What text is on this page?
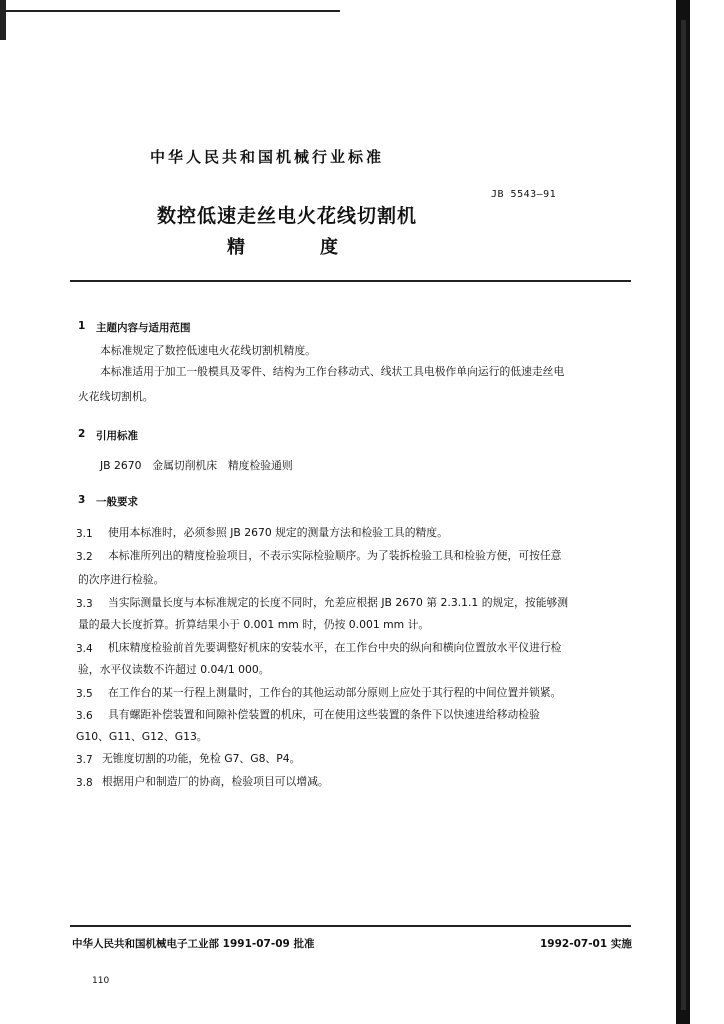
中华人民共和国机械行业标准
JB 5543—91
数控低速走丝电火花线切割机
精	度
1 主题内容与适用范围
本标准规定了数控低速电火花线切割机精度。
本标准适用于加工一般模具及零件、结构为工作台移动式、线状工具电极作单向运行的低速走丝电
火花线切割机。
2 引用标准
JB 2670　金属切削机床　精度检验通则
3 一般要求
3.1 使用本标准时，必须参照 JB 2670 规定的测量方法和检验工具的精度。
3.2 本标准所列出的精度检验项目，不表示实际检验顺序。为了装拆检验工具和检验方便，可按任意
的次序进行检验。
3.3 当实际测量长度与本标准规定的长度不同时，允差应根据 JB 2670 第 2.3.1.1 的规定，按能够测
量的最大长度折算。折算结果小于 0.001 mm 时，仍按 0.001 mm 计。
3.4 机床精度检验前首先要调整好机床的安装水平，在工作台中央的纵向和横向位置放水平仪进行检
验，水平仪读数不许超过 0.04/1 000。
3.5 在工作台的某一行程上测量时，工作台的其他运动部分原则上应处于其行程的中间位置并锁紧。
3.6 具有螺距补偿装置和间隙补偿装置的机床，可在使用这些装置的条件下以快速进给移动检验
G10、G11、G12、G13。
3.7 无锥度切割的功能，免检 G7、G8、P4。
3.8 根据用户和制造厂的协商，检验项目可以增减。
中华人民共和国机械电子工业部 1991-07-09 批准	1992-07-01 实施
110
